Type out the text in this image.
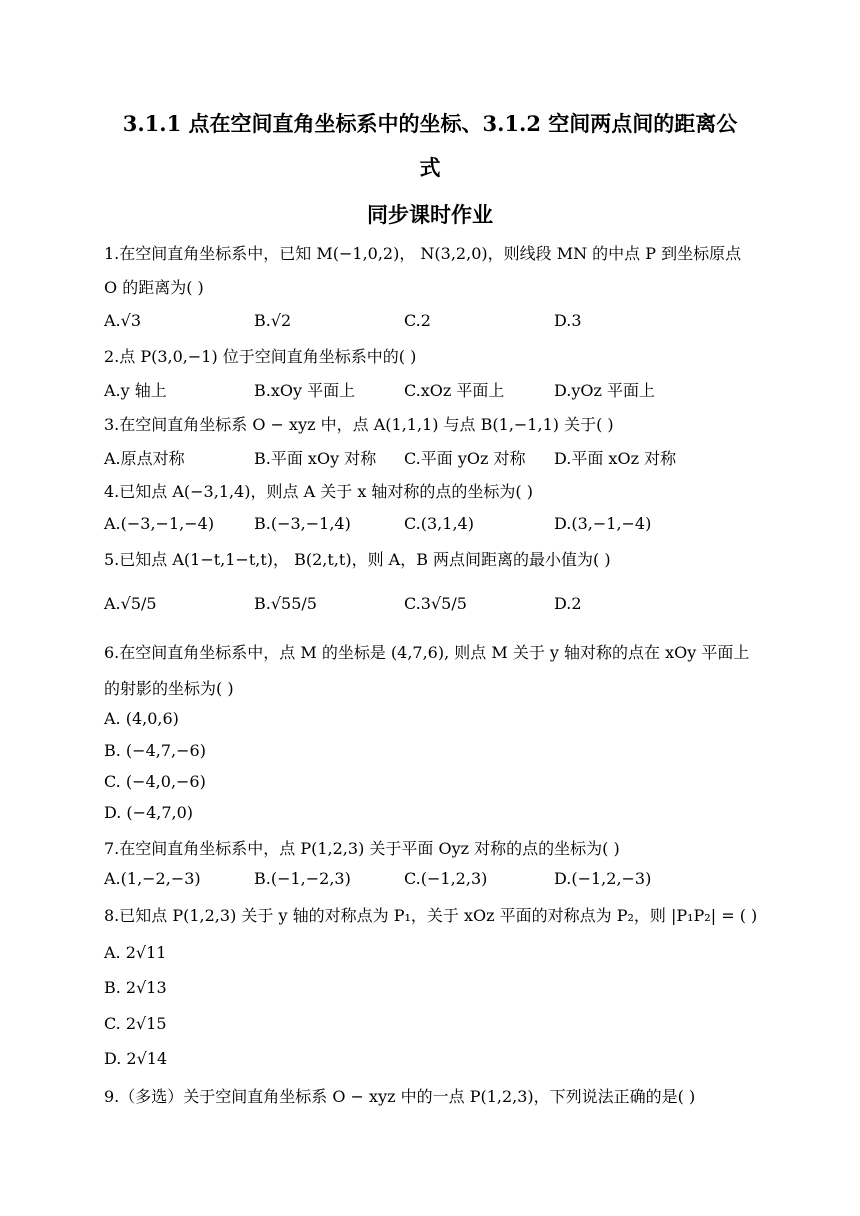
3.1.1 点在空间直角坐标系中的坐标、3.1.2 空间两点间的距离公
式
同步课时作业
1.在空间直角坐标系中，已知 M(−1,0,2)， N(3,2,0)，则线段 MN 的中点 P 到坐标原点
O 的距离为( )
A.√3	B.√2	C.2	D.3
2.点 P(3,0,−1) 位于空间直角坐标系中的( )
A.y 轴上	B.xOy 平面上	C.xOz 平面上	D.yOz 平面上
3.在空间直角坐标系 O − xyz 中，点 A(1,1,1) 与点 B(1,−1,1) 关于( )
A.原点对称	B.平面 xOy 对称 C.平面 yOz 对称 D.平面 xOz 对称
4.已知点 A(−3,1,4)，则点 A 关于 x 轴对称的点的坐标为( )
A.(−3,−1,−4) B.(−3,−1,4)	C.(3,1,4)	D.(3,−1,−4)
5.已知点 A(1−t,1−t,t)， B(2,t,t)，则 A，B 两点间距离的最小值为( )
A.√5/5	B.√55/5	C.3√5/5	D.2
6.在空间直角坐标系中，点 M 的坐标是 (4,7,6), 则点 M 关于 y 轴对称的点在 xOy 平面上
的射影的坐标为( )
A. (4,0,6)
B. (−4,7,−6)
C. (−4,0,−6)
D. (−4,7,0)
7.在空间直角坐标系中，点 P(1,2,3) 关于平面 Oyz 对称的点的坐标为( )
A.(1,−2,−3)	B.(−1,−2,3)	C.(−1,2,3)	D.(−1,2,−3)
8.已知点 P(1,2,3) 关于 y 轴的对称点为 P₁，关于 xOz 平面的对称点为 P₂，则 |P₁P₂| = ( )
A. 2√11
B. 2√13
C. 2√15
D. 2√14
9.（多选）关于空间直角坐标系 O − xyz 中的一点 P(1,2,3)，下列说法正确的是( )
